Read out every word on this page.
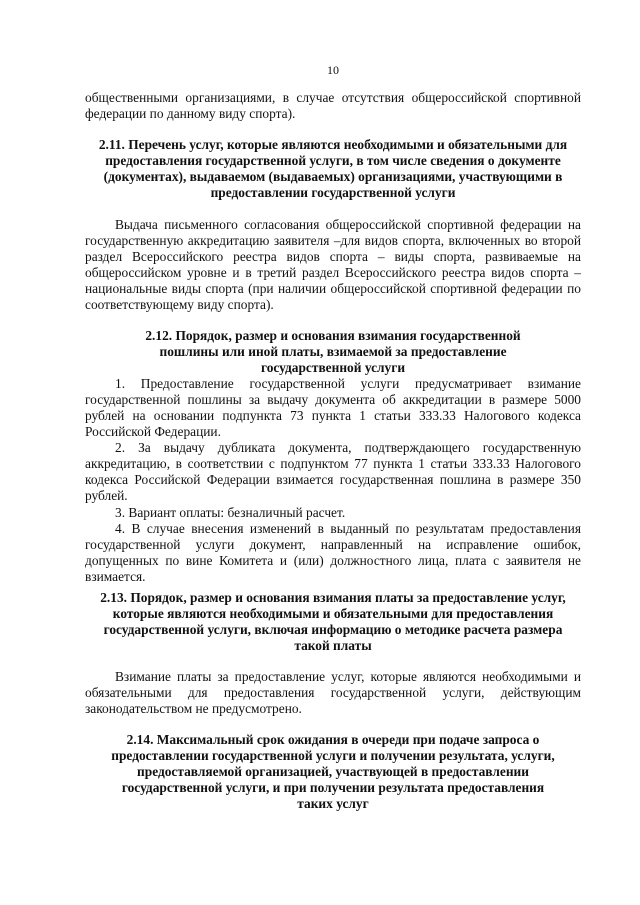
10

общественными организациями, в случае отсутствия общероссийской спортивной федерации по данному виду спорта).

2.11. Перечень услуг, которые являются необходимыми и обязательными для предоставления государственной услуги, в том числе сведения о документе (документах), выдаваемом (выдаваемых) организациями, участвующими в предоставлении государственной услуги

Выдача письменного согласования общероссийской спортивной федерации на государственную аккредитацию заявителя –для видов спорта, включенных во второй раздел Всероссийского реестра видов спорта – виды спорта, развиваемые на общероссийском уровне и в третий раздел Всероссийского реестра видов спорта – национальные виды спорта (при наличии общероссийской спортивной федерации по соответствующему виду спорта).

2.12. Порядок, размер и основания взимания государственной пошлины или иной платы, взимаемой за предоставление государственной услуги

1. Предоставление государственной услуги предусматривает взимание государственной пошлины за выдачу документа об аккредитации в размере 5000 рублей на основании подпункта 73 пункта 1 статьи 333.33 Налогового кодекса Российской Федерации.

2. За выдачу дубликата документа, подтверждающего государственную аккредитацию, в соответствии с подпунктом 77 пункта 1 статьи 333.33 Налогового кодекса Российской Федерации взимается государственная пошлина в размере 350 рублей.

3. Вариант оплаты: безналичный расчет.

4. В случае внесения изменений в выданный по результатам предоставления государственной услуги документ, направленный на исправление ошибок, допущенных по вине Комитета и (или) должностного лица, плата с заявителя не взимается.

2.13. Порядок, размер и основания взимания платы за предоставление услуг, которые являются необходимыми и обязательными для предоставления государственной услуги, включая информацию о методике расчета размера такой платы

Взимание платы за предоставление услуг, которые являются необходимыми и обязательными для предоставления государственной услуги, действующим законодательством не предусмотрено.

2.14. Максимальный срок ожидания в очереди при подаче запроса о предоставлении государственной услуги и получении результата, услуги, предоставляемой организацией, участвующей в предоставлении государственной услуги, и при получении результата предоставления таких услуг
